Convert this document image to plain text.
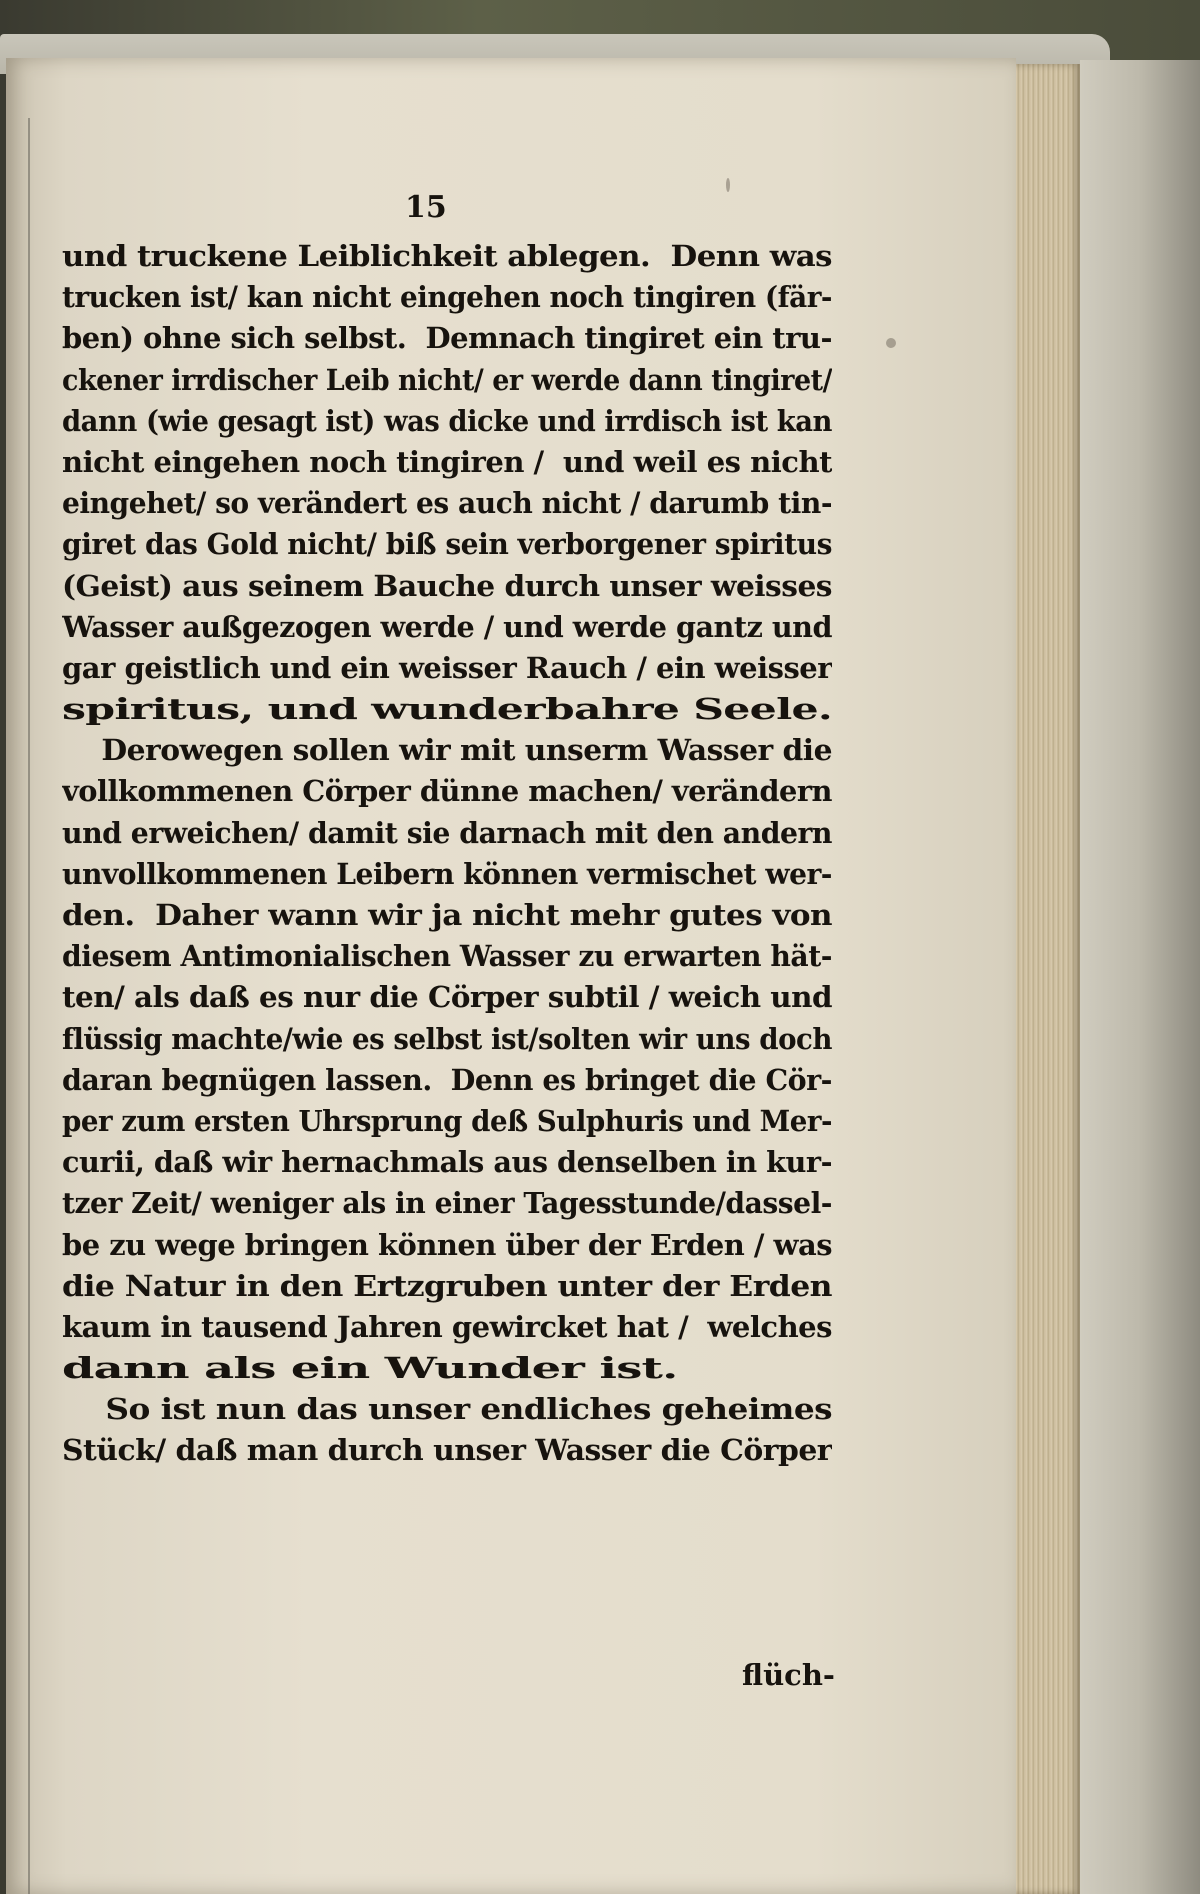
15
und truckene Leiblichkeit ablegen.  Denn was
trucken ist/ kan nicht eingehen noch tingiren (fär-
ben) ohne sich selbst.  Demnach tingiret ein tru-
ckener irrdischer Leib nicht/ er werde dann tingiret/
dann (wie gesagt ist) was dicke und irrdisch ist kan
nicht eingehen noch tingiren /  und weil es nicht
eingehet/ so verändert es auch nicht / darumb tin-
giret das Gold nicht/ biß sein verborgener spiritus
(Geist) aus seinem Bauche durch unser weisses
Wasser außgezogen werde / und werde gantz und
gar geistlich und ein weisser Rauch / ein weisser
spiritus, und wunderbahre Seele.
Derowegen sollen wir mit unserm Wasser die
vollkommenen Cörper dünne machen/ verändern
und erweichen/ damit sie darnach mit den andern
unvollkommenen Leibern können vermischet wer-
den.  Daher wann wir ja nicht mehr gutes von
diesem Antimonialischen Wasser zu erwarten hät-
ten/ als daß es nur die Cörper subtil / weich und
flüssig machte/wie es selbst ist/solten wir uns doch
daran begnügen lassen.  Denn es bringet die Cör-
per zum ersten Uhrsprung deß Sulphuris und Mer-
curii, daß wir hernachmals aus denselben in kur-
tzer Zeit/ weniger als in einer Tagesstunde/dassel-
be zu wege bringen können über der Erden / was
die Natur in den Ertzgruben unter der Erden
kaum in tausend Jahren gewircket hat /  welches
dann als ein Wunder ist.
So ist nun das unser endliches geheimes
Stück/ daß man durch unser Wasser die Cörper
flüch-
